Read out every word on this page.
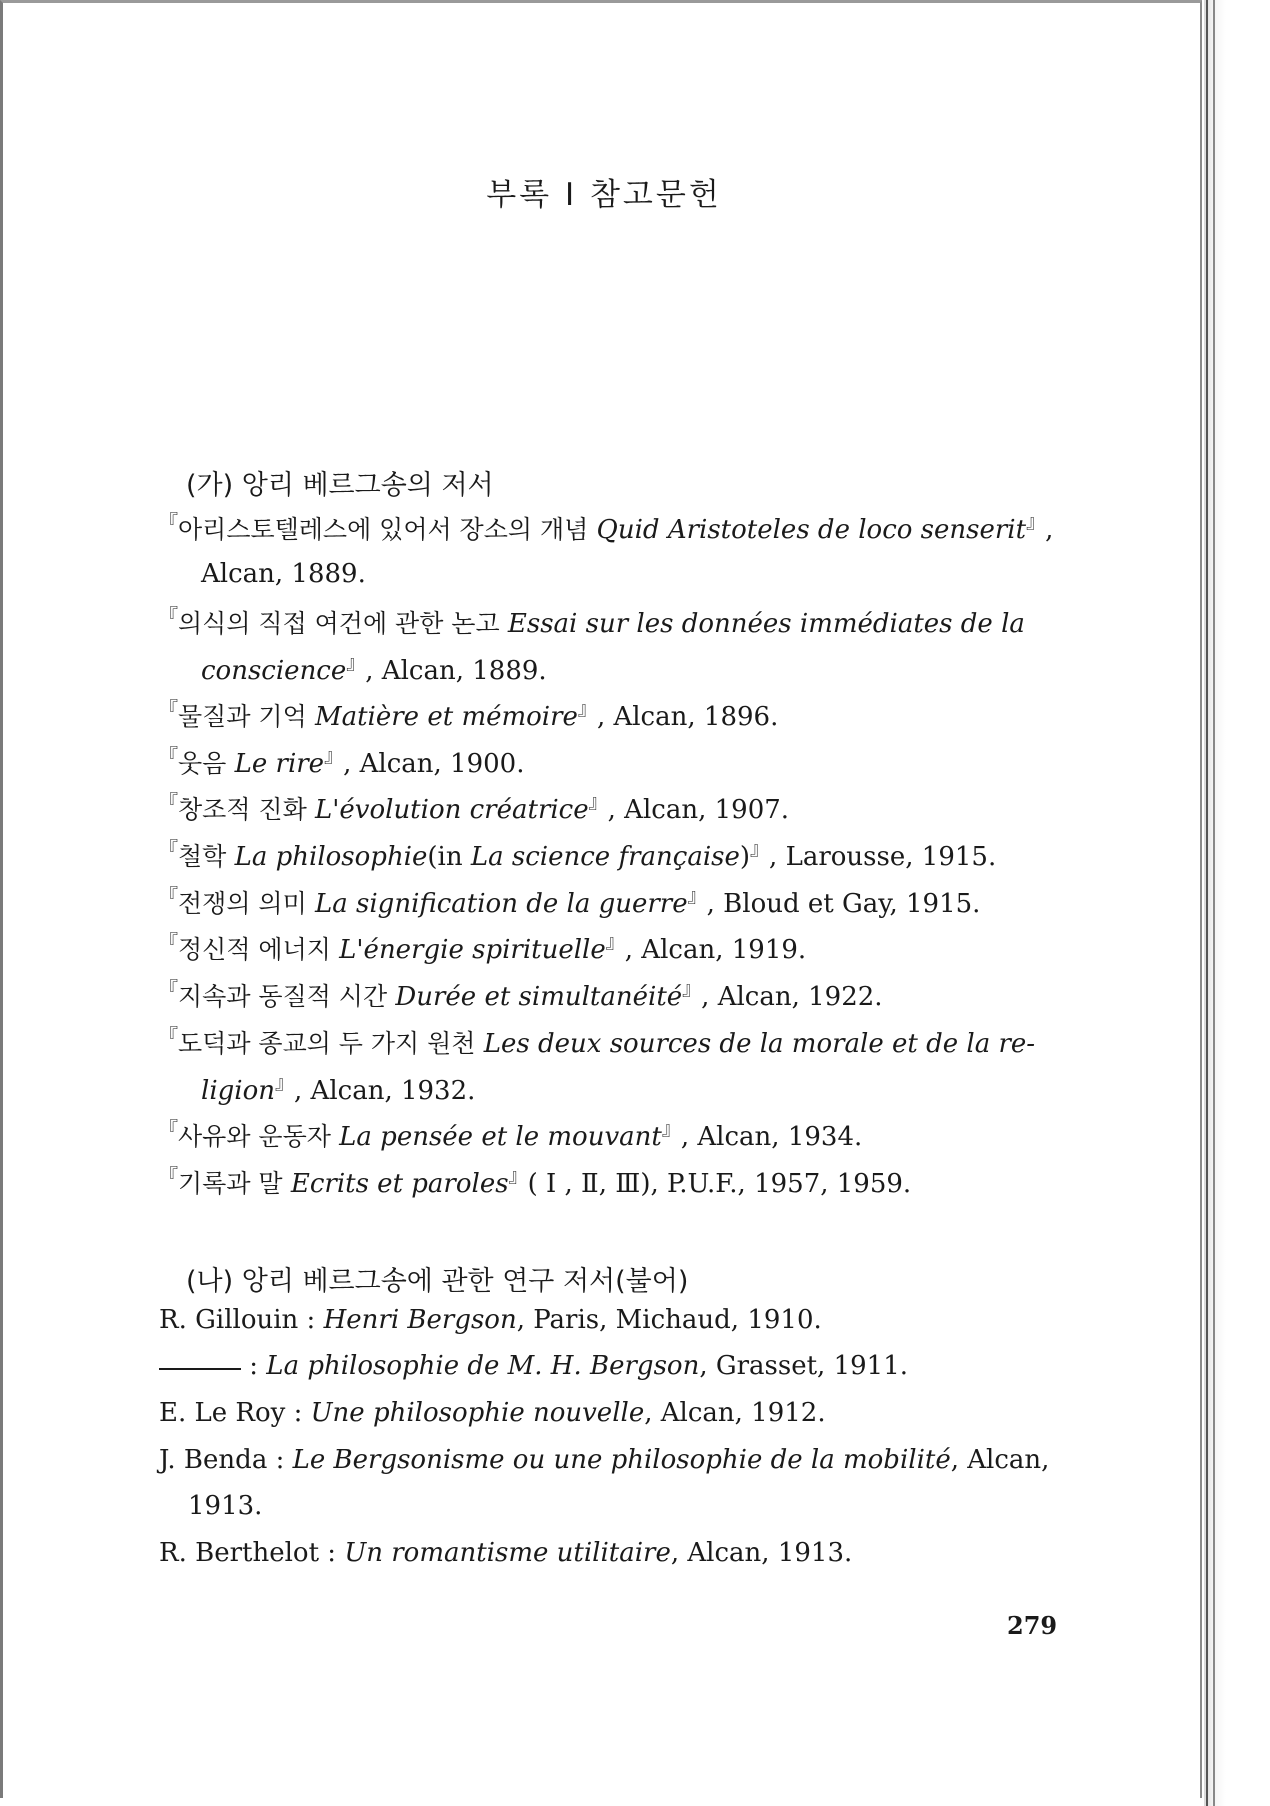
부록 I 참고문헌
(가) 앙리 베르그송의 저서
『아리스토텔레스에 있어서 장소의 개념 Quid Aristoteles de loco senserit』,
Alcan, 1889.
『의식의 직접 여건에 관한 논고 Essai sur les données immédiates de la
conscience』, Alcan, 1889.
『물질과 기억 Matière et mémoire』, Alcan, 1896.
『웃음 Le rire』, Alcan, 1900.
『창조적 진화 L'évolution créatrice』, Alcan, 1907.
『철학 La philosophie(in La science française)』, Larousse, 1915.
『전쟁의 의미 La signification de la guerre』, Bloud et Gay, 1915.
『정신적 에너지 L'énergie spirituelle』, Alcan, 1919.
『지속과 동질적 시간 Durée et simultanéité』, Alcan, 1922.
『도덕과 종교의 두 가지 원천 Les deux sources de la morale et de la re-
ligion』, Alcan, 1932.
『사유와 운동자 La pensée et le mouvant』, Alcan, 1934.
『기록과 말 Ecrits et paroles』( I , Ⅱ, Ⅲ), P.U.F., 1957, 1959.
(나) 앙리 베르그송에 관한 연구 저서(불어)
R. Gillouin : Henri Bergson, Paris, Michaud, 1910.
: La philosophie de M. H. Bergson, Grasset, 1911.
E. Le Roy : Une philosophie nouvelle, Alcan, 1912.
J. Benda : Le Bergsonisme ou une philosophie de la mobilité, Alcan,
1913.
R. Berthelot : Un romantisme utilitaire, Alcan, 1913.
279
